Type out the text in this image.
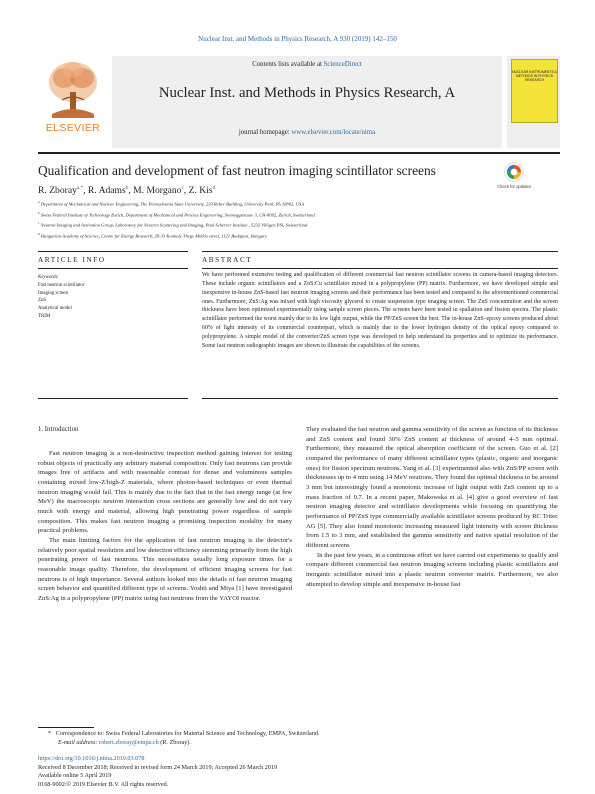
Nuclear Inst. and Methods in Physics Research, A 930 (2019) 142–150
ELSEVIER
Contents lists available at ScienceDirect
Nuclear Inst. and Methods in Physics Research, A
journal homepage: www.elsevier.com/locate/nima
NUCLEAR INSTRUMENTS & METHODS IN PHYSICS RESEARCH
Qualification and development of fast neutron imaging scintillator screens
Check for updates
R. Zboray$^{a,*}$, R. Adams$^b$, M. Morgano$^c$, Z. Kis$^d$
$^a$ Department of Mechanical and Nuclear Engineering, The Pennsylvania State University, 233 Reber Building, University Park, PA 16802, USA
$^b$ Swiss Federal Institute of Technology Zurich, Department of Mechanical and Process Engineering, Sonneggstrasse 3, CH-8092, Zurich, Switzerland
$^c$ Neutron Imaging and Activation Group, Laboratory for Neutron Scattering and Imaging, Paul Scherrer Institute , 5232 Villigen PSI, Switzerland
$^d$ Hungarian Academy of Science, Centre for Energy Research, 29-33 Konkoly Thege Miklós street, 1121 Budapest, Hungary
ARTICLE INFO	ABSTRACT
Keywords:
Fast neutron scintillator
Imaging screen
ZnS
Analytical model
TRIM
We have performed extensive testing and qualification of different commercial fast neutron scintillator screens in camera-based imaging detectors. These include organic scintillators and a ZnS:Cu scintillator mixed in a polypropylene (PP) matrix. Furthermore, we have developed simple and inexpensive in-house ZnS-based fast neutron imaging screens and their performance has been tested and compared to the aforementioned commercial ones. Furthermore, ZnS:Ag was mixed with high viscosity glycerol to create suspension type imaging screen. The ZnS concentration and the screen thickness have been optimized experimentally using sample screen pieces. The screens have been tested in spallation and fission spectra. The plastic scintillator performed the worst mainly due to its low light output, while the PP/ZnS screen the best. The in-house ZnS–epoxy screens produced about 60% of light intensity of its commercial counterpart, which is mainly due to the lower hydrogen density of the optical epoxy compared to polypropylene. A simple model of the converter/ZnS screen type was developed to help understand its properties and to optimize its performance. Some fast neutron radiographic images are shown to illustrate the capabilities of the screens.
1. Introduction

Fast neutron imaging is a non-destructive inspection method gaining interest for testing robust objects of practically any arbitrary material composition. Only fast neutrons can provide images free of artifacts and with reasonable contrast for dense and voluminous samples containing mixed low-Z/high-Z materials, where photon-based techniques or even thermal neutron imaging would fail. This is mainly due to the fact that in the fast energy range (at few MeV) the macroscopic neutron interaction cross sections are generally low and do not vary much with energy and material, allowing high penetrating power regardless of sample composition. This makes fast neutron imaging a promising inspection modality for many practical problems.

The main limiting factors for the application of fast neutron imaging is the detector's relatively poor spatial resolution and low detection efficiency stemming primarily from the high penetrating power of fast neutrons. This necessitates usually long exposure times for a reasonable image quality. Therefore, the development of efficient imaging screens for fast neutrons is of high importance. Several authors looked into the details of fast neutron imaging screen behavior and quantified different type of screens. Yoshii and Miya [1] have investigated ZnS:Ag in a polypropylene (PP) matrix using fast neutrons from the YAYOI reactor.

They evaluated the fast neutron and gamma sensitivity of the screen as function of its thickness and ZnS content and found 30% ZnS content at thickness of around 4–5 mm optimal. Furthermore, they measured the optical absorption coefficient of the screen. Guo et al. [2] compared the performance of many different scintillator types (plastic, organic and inorganic ones) for fission spectrum neutrons. Yang et al. [3] experimented also with ZnS/PP screen with thicknesses up to 4 mm using 14 MeV neutrons. They found the optimal thickness to be around 3 mm but interestingly found a monotonic increase of light output with ZnS content up to a mass fraction of 0.7. In a recent paper, Makowska et al. [4] give a good overview of fast neutron imaging detector and scintillator developments while focusing on quantifying the performance of PP/ZnS type commercially available scintillator screens produced by RC Tritec AG [5]. They also found monotonic increasing measured light intensity with screen thickness from 1.5 to 3 mm, and established the gamma sensitivity and native spatial resolution of the different screens

In the past few years, in a continuous effort we have carried out experiments to qualify and compare different commercial fast neutron imaging screens including plastic scintillators and inorganic scintillator mixed into a plastic neutron converter matrix. Furthermore, we also attempted to develop simple and inexpensive in-house fast

* Correspondence to: Swiss Federal Laboratories for Material Science and Technology, EMPA, Switzerland.
E-mail address: robert.zboray@empa.ch (R. Zboray).
https://doi.org/10.1016/j.nima.2019.03.078
Received 8 December 2018; Received in revised form 24 March 2019; Accepted 26 March 2019
Available online 5 April 2019
0168-9002/© 2019 Elsevier B.V. All rights reserved.
